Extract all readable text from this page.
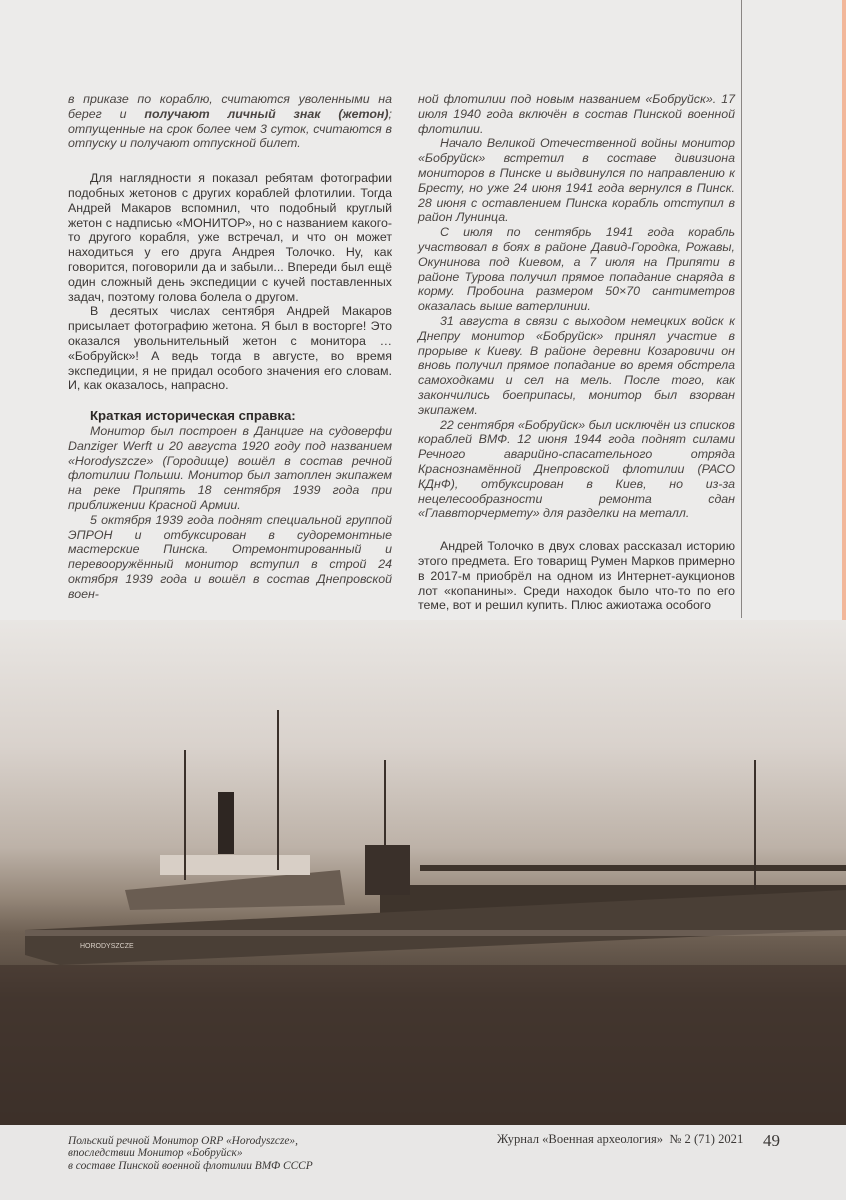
в приказе по кораблю, считаются уволенными на берег и получают личный знак (жетон); отпущенные на срок более чем 3 суток, считаются в отпуску и получают отпускной билет.

Для наглядности я показал ребятам фотографии подобных жетонов с других кораблей флотилии. Тогда Андрей Макаров вспомнил, что подобный круглый жетон с надписью «МОНИТОР», но с названием какого-то другого корабля, уже встречал, и что он может находиться у его друга Андрея Толочко. Ну, как говорится, поговорили да и забыли... Впереди был ещё один сложный день экспедиции с кучей поставленных задач, поэтому голова болела о другом.

В десятых числах сентября Андрей Макаров присылает фотографию жетона. Я был в восторге! Это оказался увольнительный жетон с монитора … «Бобруйск»! А ведь тогда в августе, во время экспедиции, я не придал особого значения его словам. И, как оказалось, напрасно.

Краткая историческая справка:

Монитор был построен в Данциге на судоверфи Danziger Werft и 20 августа 1920 году под названием «Horodyszcze» (Городище) вошёл в состав речной флотилии Польши. Монитор был затоплен экипажем на реке Припять 18 сентября 1939 года при приближении Красной Армии.

5 октября 1939 года поднят специальной группой ЭПРОН и отбуксирован в судоремонтные мастерские Пинска. Отремонтированный и перевооружённый монитор вступил в строй 24 октября 1939 года и вошёл в состав Днепровской воен-

ной флотилии под новым названием «Бобруйск». 17 июля 1940 года включён в состав Пинской военной флотилии.

Начало Великой Отечественной войны монитор «Бобруйск» встретил в составе дивизиона мониторов в Пинске и выдвинулся по направлению к Бресту, но уже 24 июня 1941 года вернулся в Пинск. 28 июня с оставлением Пинска корабль отступил в район Лунинца.

С июля по сентябрь 1941 года корабль участвовал в боях в районе Давид-Городка, Рожавы, Окунинова под Киевом, а 7 июля на Припяти в районе Турова получил прямое попадание снаряда в корму. Пробоина размером 50×70 сантиметров оказалась выше ватерлинии.

31 августа в связи с выходом немецких войск к Днепру монитор «Бобруйск» принял участие в прорыве к Киеву. В районе деревни Козаровичи он вновь получил прямое попадание во время обстрела самоходками и сел на мель. После того, как закончились боеприпасы, монитор был взорван экипажем.

22 сентября «Бобруйск» был исключён из списков кораблей ВМФ. 12 июня 1944 года поднят силами Речного аварийно-спасательного отряда Краснознамённой Днепровской флотилии (РАСО КДнФ), отбуксирован в Киев, но из-за нецелесообразности ремонта сдан «Главвторчермету» для разделки на металл.

Андрей Толочко в двух словах рассказал историю этого предмета. Его товарищ Румен Марков примерно в 2017-м приобрёл на одном из Интернет-аукционов лот «копанины». Среди находок было что-то по его теме, вот и решил купить. Плюс ажиотажа особого

HORODYSZCZE
Польский речной Монитор ORP «Horodyszcze»,
впоследствии Монитор «Бобруйск»
в составе Пинской военной флотилии ВМФ СССР
Журнал «Военная археология»  № 2 (71) 2021 49
